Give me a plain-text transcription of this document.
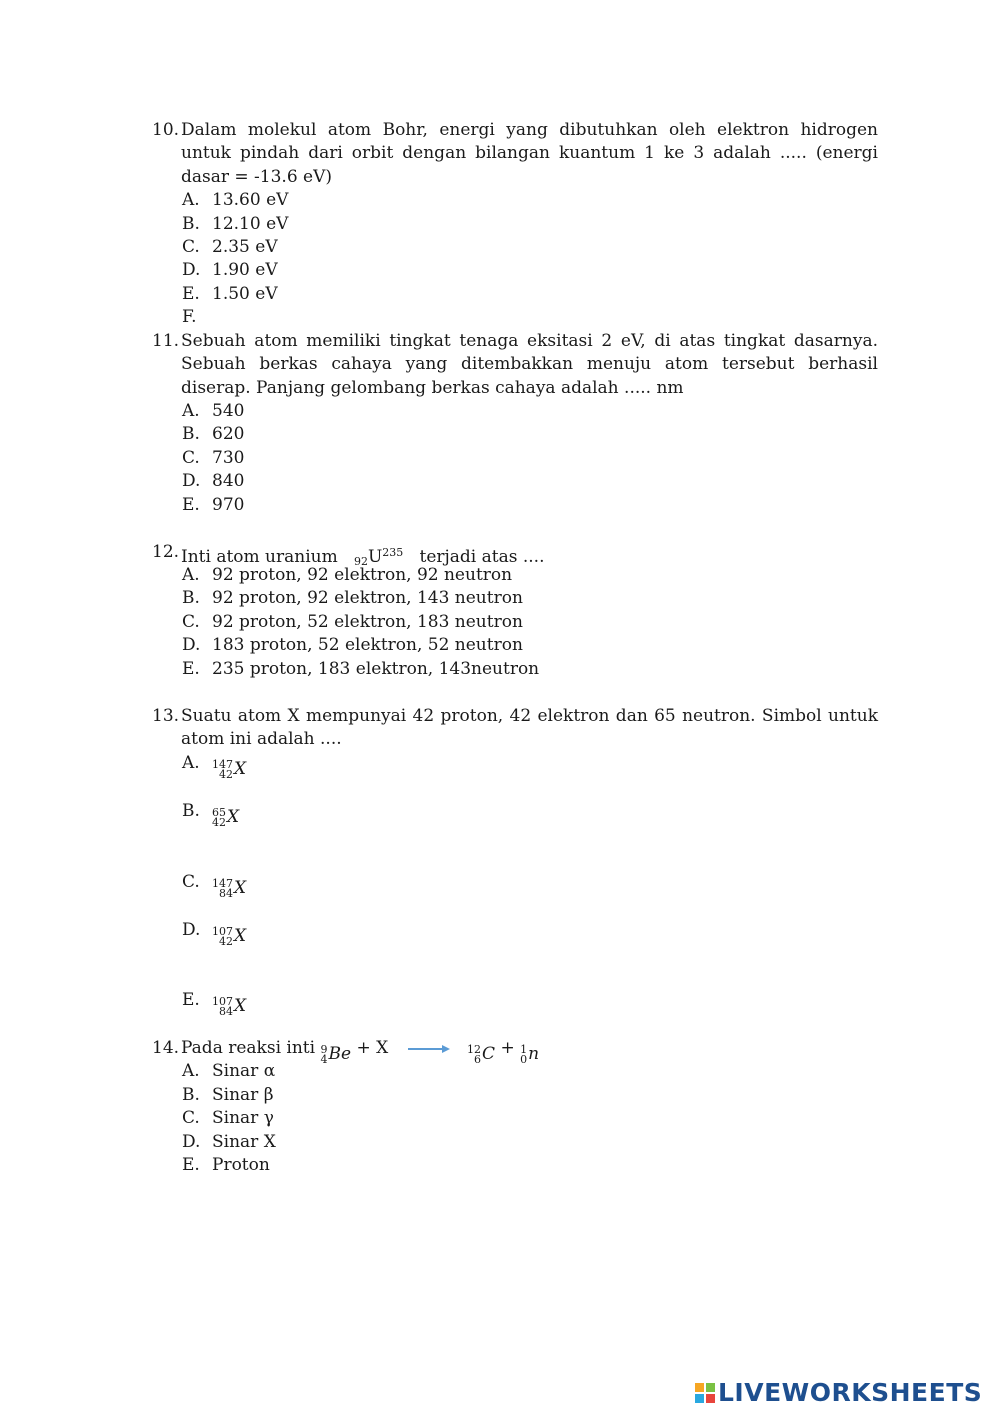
10. Dalam molekul atom Bohr, energi yang dibutuhkan oleh elektron hidrogen untuk pindah dari orbit dengan bilangan kuantum 1 ke 3 adalah ..... (energi dasar = -13.6 eV)
A. 13.60 eV
B. 12.10 eV
C. 2.35 eV
D. 1.90 eV
E. 1.50 eV
F.
11. Sebuah atom memiliki tingkat tenaga eksitasi 2 eV, di atas tingkat dasarnya. Sebuah berkas cahaya yang ditembakkan menuju atom tersebut berhasil diserap. Panjang gelombang berkas cahaya adalah ..... nm
A. 540
B. 620
C. 730
D. 840
E. 970
12. Inti atom uranium $_{92}U^{235}$ terjadi atas ....
A. 92 proton, 92 elektron, 92 neutron
B. 92 proton, 92 elektron, 143 neutron
C. 92 proton, 52 elektron, 183 neutron
D. 183 proton, 52 elektron, 52 neutron
E. 235 proton, 183 elektron, 143neutron
13. Suatu atom X mempunyai 42 proton, 42 elektron dan 65 neutron. Simbol untuk atom ini adalah ....
A. 147
42 X
B. 65
42 X
C. 147
84 X
D. 107
42 X
E. 107
84 X
14. Pada reaksi inti 9
4 Be + X → 12
6 C + 1
0 n
A. Sinar α
B. Sinar β
C. Sinar γ
D. Sinar X
E. Proton
LIVEWORKSHEETS
